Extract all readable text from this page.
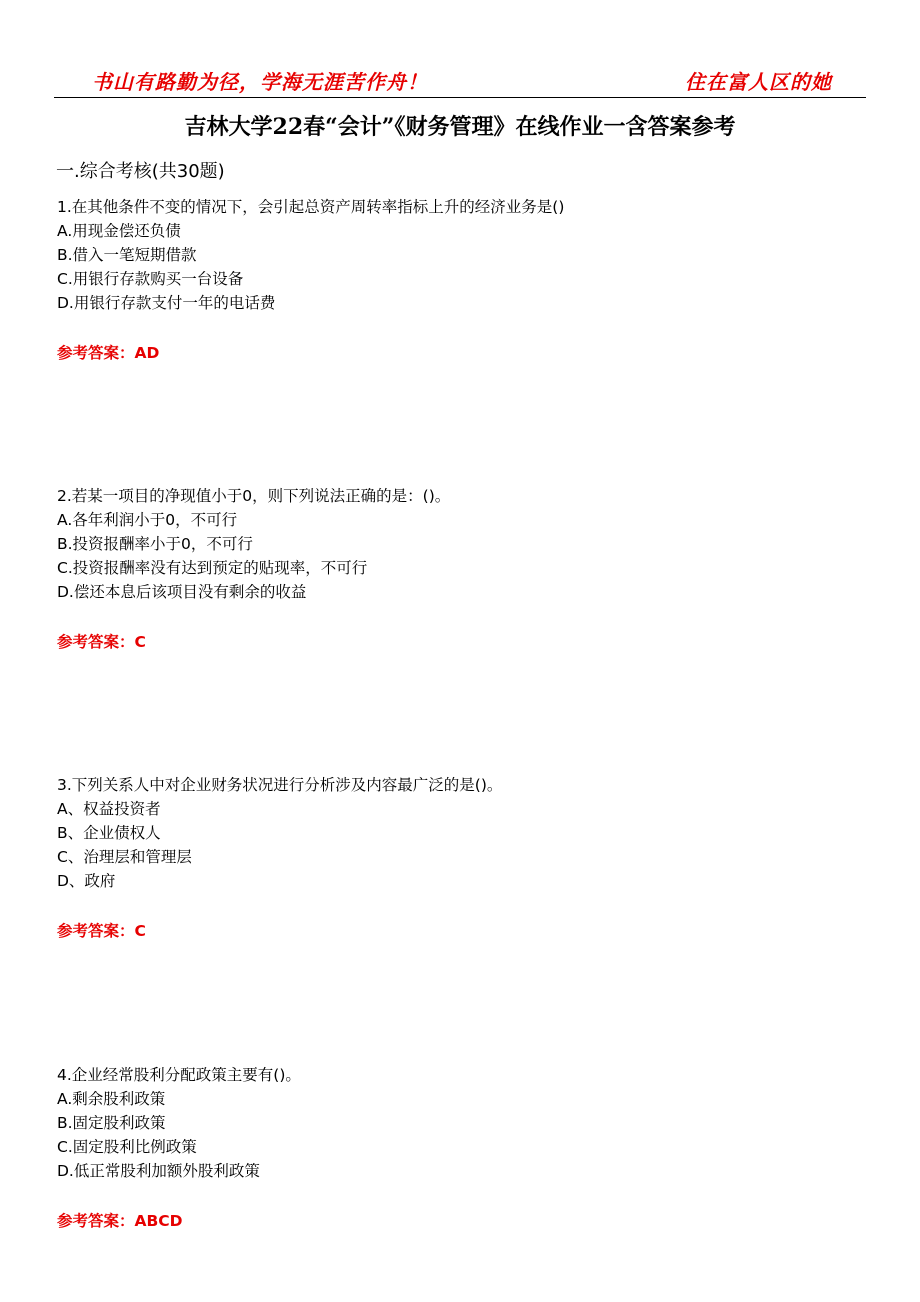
书山有路勤为径，学海无涯苦作舟！	住在富人区的她
吉林大学22春“会计”《财务管理》在线作业一含答案参考
一.综合考核(共30题)
1.在其他条件不变的情况下，会引起总资产周转率指标上升的经济业务是()
A.用现金偿还负债
B.借入一笔短期借款
C.用银行存款购买一台设备
D.用银行存款支付一年的电话费
参考答案：AD
2.若某一项目的净现值小于0，则下列说法正确的是：()。
A.各年利润小于0，不可行
B.投资报酬率小于0，不可行
C.投资报酬率没有达到预定的贴现率，不可行
D.偿还本息后该项目没有剩余的收益
参考答案：C
3.下列关系人中对企业财务状况进行分析涉及内容最广泛的是()。
A、权益投资者
B、企业债权人
C、治理层和管理层
D、政府
参考答案：C
4.企业经常股利分配政策主要有()。
A.剩余股利政策
B.固定股利政策
C.固定股利比例政策
D.低正常股利加额外股利政策
参考答案：ABCD
